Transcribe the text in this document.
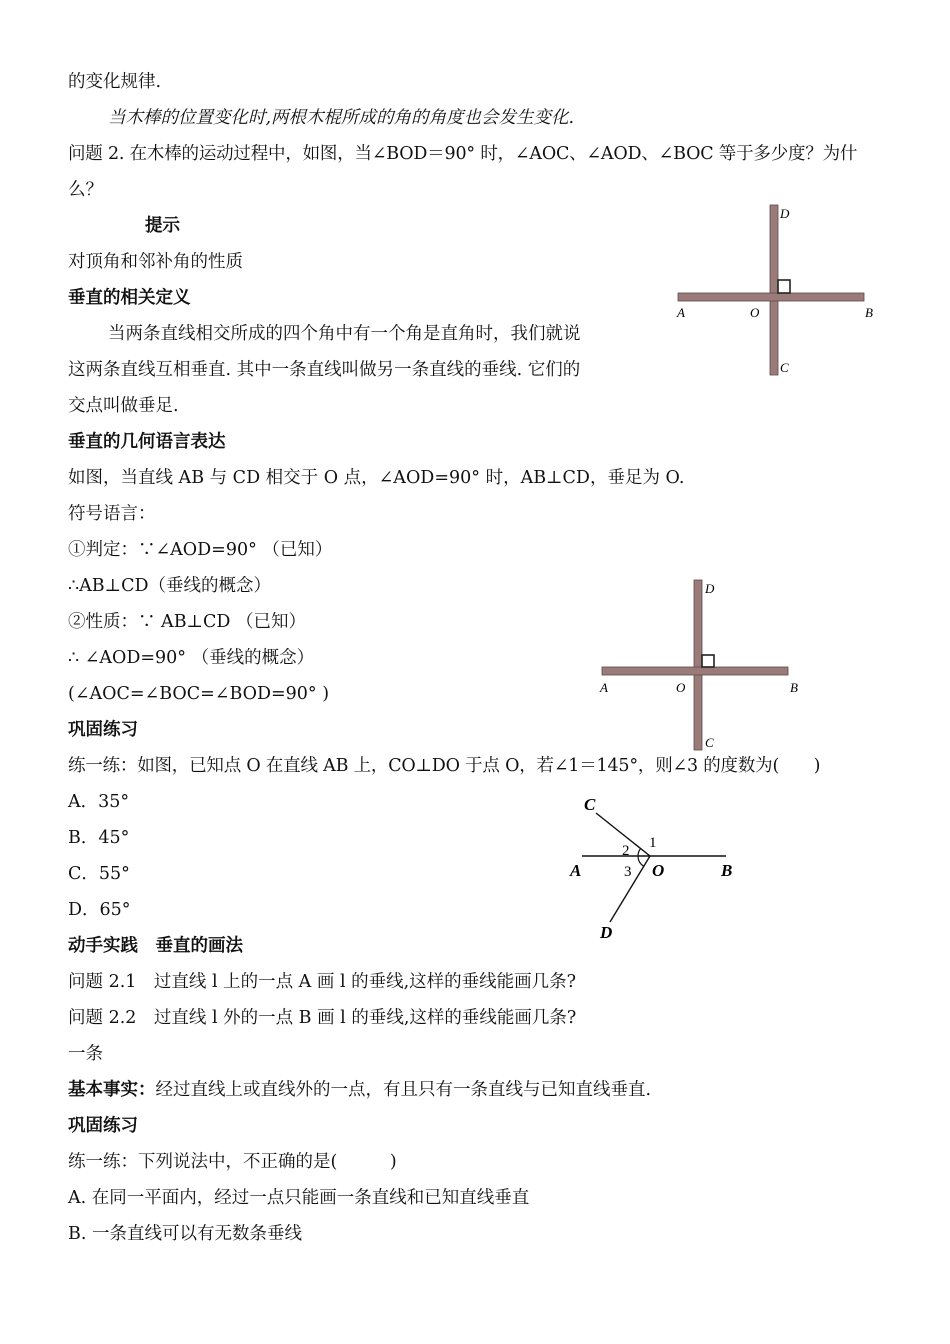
的变化规律.
当木棒的位置变化时,两根木棍所成的角的角度也会发生变化.
问题 2. 在木棒的运动过程中，如图，当∠BOD＝90° 时，∠AOC、∠AOD、∠BOC 等于多少度？为什
么？
提示
对顶角和邻补角的性质
垂直的相关定义
当两条直线相交所成的四个角中有一个角是直角时，我们就说
这两条直线互相垂直. 其中一条直线叫做另一条直线的垂线. 它们的
交点叫做垂足.
垂直的几何语言表达
如图，当直线 AB 与 CD 相交于 O 点，∠AOD=90° 时，AB⊥CD，垂足为 O.
符号语言：
①判定：∵∠AOD=90° （已知）
∴AB⊥CD（垂线的概念）
②性质：∵ AB⊥CD （已知）
∴ ∠AOD=90° （垂线的概念）
(∠AOC=∠BOC=∠BOD=90° )
巩固练习
练一练：如图，已知点 O 在直线 AB 上，CO⊥DO 于点 O，若∠1＝145°，则∠3 的度数为(　　)
A．35°
B．45°
C．55°
D．65°
动手实践　垂直的画法
问题 2.1　过直线 l 上的一点 A 画 l 的垂线,这样的垂线能画几条?
问题 2.2　过直线 l 外的一点 B 画 l 的垂线,这样的垂线能画几条?
一条
基本事实：经过直线上或直线外的一点，有且只有一条直线与已知直线垂直.
巩固练习
练一练：下列说法中，不正确的是(　　　)
A. 在同一平面内，经过一点只能画一条直线和已知直线垂直
B. 一条直线可以有无数条垂线
D
A	O	B
C
D
A	O	B
C
C
1
2
3
A	O	B
D
